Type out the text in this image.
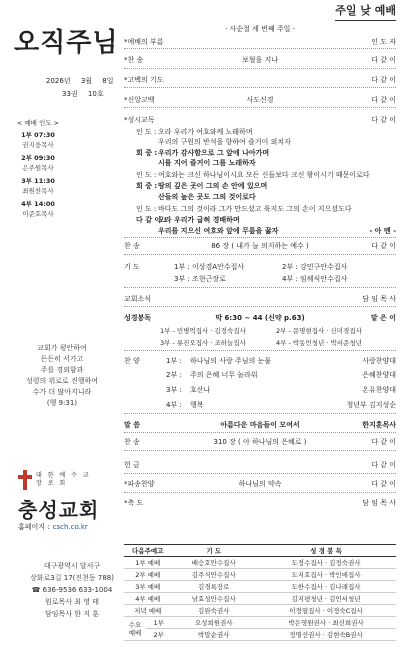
오직주님
2026년 3월 8일
33권 10호
< 예배 인도 >
1부 07:30
권지웅목사
2부 09:30
은주원목사
3부 11:30
최원찬목사
4부 14:00
이준호목사
교회가 평안하여
든든히 서가고
주를 경외함과
성령의 위로로 진행하여
수가 더 많아지니라
(행 9:31)
대 한 예 수 교
장 로 회
충성교회
홈페이지 : csch.co.kr
대구광역시 달서구
상화로3길 17(진천동 788)
☎ 636-9536 633-1004
원로목사 최 영 태
담임목사 한 지 훈
주일 낮 예배
· 사순절 세 번째 주일 ·
*예배의 부름	인 도 자
*찬 송	보혈을 지나	다 같 이
*고백의 기도	다 같 이
*신앙고백	사도신경	다 같 이
*성시교독	다 같 이
인 도 : 오라 우리가 여호와께 노래하며
우리의 구원의 반석을 향하여 즐거이 외치자
회 중 : 우리가 감사함으로 그 앞에 나아가며
시를 지어 즐거이 그를 노래하자
인 도 : 여호와는 크신 하나님이시요 모든 신들보다 크신 왕이시기 때문이로다
회 중 : 땅의 깊은 곳이 그의 손 안에 있으며
산들의 높은 곳도 그의 것이로다
인 도 : 바다도 그의 것이라 그가 만드셨고 육지도 그의 손이 지으셨도다
다 같 이 :
오라 우리가 굽혀 경배하며
우리를 지으신 여호와 앞에 무릎을 꿇자	- 아 멘 -
찬 송	86 장 ( 내가 늘 의지하는 예수 )	다 같 이
기 도	1부 : 이상경A안수집사	2부 : 강민구안수집사
3부 : 조현근장로	4부 : 임해식안수집사
교회소식	담 임 목 사
성경봉독	막 6:30 ~ 44 (신약 p.63)	맡 은 이
1부 - 민병억집사 · 김정숙집사	2부 - 문명현집사 · 신미경집사
3부 - 류진오집사 · 조하늘집사	4부 - 박동민청년 · 박서준청년
찬 양	1부 : 하나님의 사랑 주님의 눈물	사랑찬양대
2부 : 주의 은혜 너무 놀라워	은혜찬양대
3부 : 호산나	온유찬양대
4부 : 행복	청년부 김지성순
말 씀	아름다운 마음들이 모여서	한지훈목사
찬 송	310 장 ( 아 하나님의 은혜로 )	다 같 이
헌 금	다 같 이
*파송찬양	하나님의 약속	다 같 이
*축 도	담 임 목 사
다음주예고		기 도	성 경 봉 독
1부 예배		배승호안수집사	도정수집사 · 김정숙권사
2부 예배		김주식안수집사	도지호집사 · 박인애집사
3부 예배		김경록장로	도한수집사 · 김나래집사
4부 예배		남효성안수집사	김지평청년 · 김민서청년
저녁 예배		김완숙권사	이정열집사 · 이정숙C집사
수요 예배	1부	오성희원권사	박은영원권사 · 최선희권사
	2부	박말순권사	정명선권사 · 김현숙B권사
